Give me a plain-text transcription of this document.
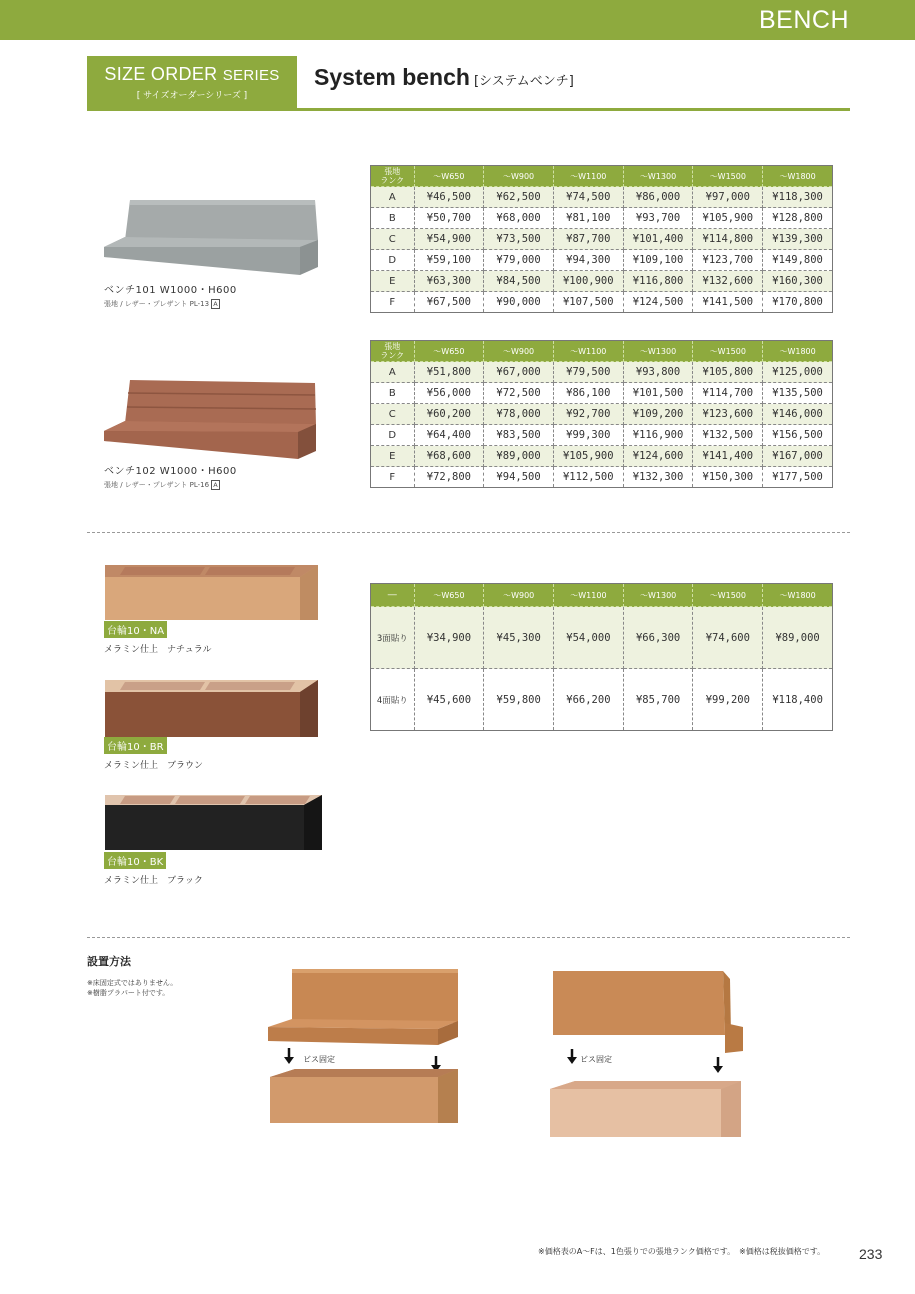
BENCH
SIZE ORDER SERIES
[ サイズオーダーシリーズ ]
System bench [システムベンチ]
ベンチ101 W1000・H600
張地 / レザー・プレザント PL-13 A
張地
ランク	～W650	～W900	～W1100	～W1300	～W1500	～W1800
A	¥46,500	¥62,500	¥74,500	¥86,000	¥97,000	¥118,300
B	¥50,700	¥68,000	¥81,100	¥93,700	¥105,900	¥128,800
C	¥54,900	¥73,500	¥87,700	¥101,400	¥114,800	¥139,300
D	¥59,100	¥79,000	¥94,300	¥109,100	¥123,700	¥149,800
E	¥63,300	¥84,500	¥100,900	¥116,800	¥132,600	¥160,300
F	¥67,500	¥90,000	¥107,500	¥124,500	¥141,500	¥170,800
ベンチ102 W1000・H600
張地 / レザー・プレザント PL-16 A
張地
ランク	～W650	～W900	～W1100	～W1300	～W1500	～W1800
A	¥51,800	¥67,000	¥79,500	¥93,800	¥105,800	¥125,000
B	¥56,000	¥72,500	¥86,100	¥101,500	¥114,700	¥135,500
C	¥60,200	¥78,000	¥92,700	¥109,200	¥123,600	¥146,000
D	¥64,400	¥83,500	¥99,300	¥116,900	¥132,500	¥156,500
E	¥68,600	¥89,000	¥105,900	¥124,600	¥141,400	¥167,000
F	¥72,800	¥94,500	¥112,500	¥132,300	¥150,300	¥177,500
台輪10・NA
メラミン仕上　ナチュラル
台輪10・BR
メラミン仕上　ブラウン
台輪10・BK
メラミン仕上　ブラック
―	～W650	～W900	～W1100	～W1300	～W1500	～W1800
3面貼り	¥34,900	¥45,300	¥54,000	¥66,300	¥74,600	¥89,000
4面貼り	¥45,600	¥59,800	¥66,200	¥85,700	¥99,200	¥118,400
設置方法
※床固定式ではありません。
※樹脂プラパート付です。
ビス固定	ビス固定
※価格表のA～Fは、1色張りでの張地ランク価格です。　※価格は税抜価格です。 233
